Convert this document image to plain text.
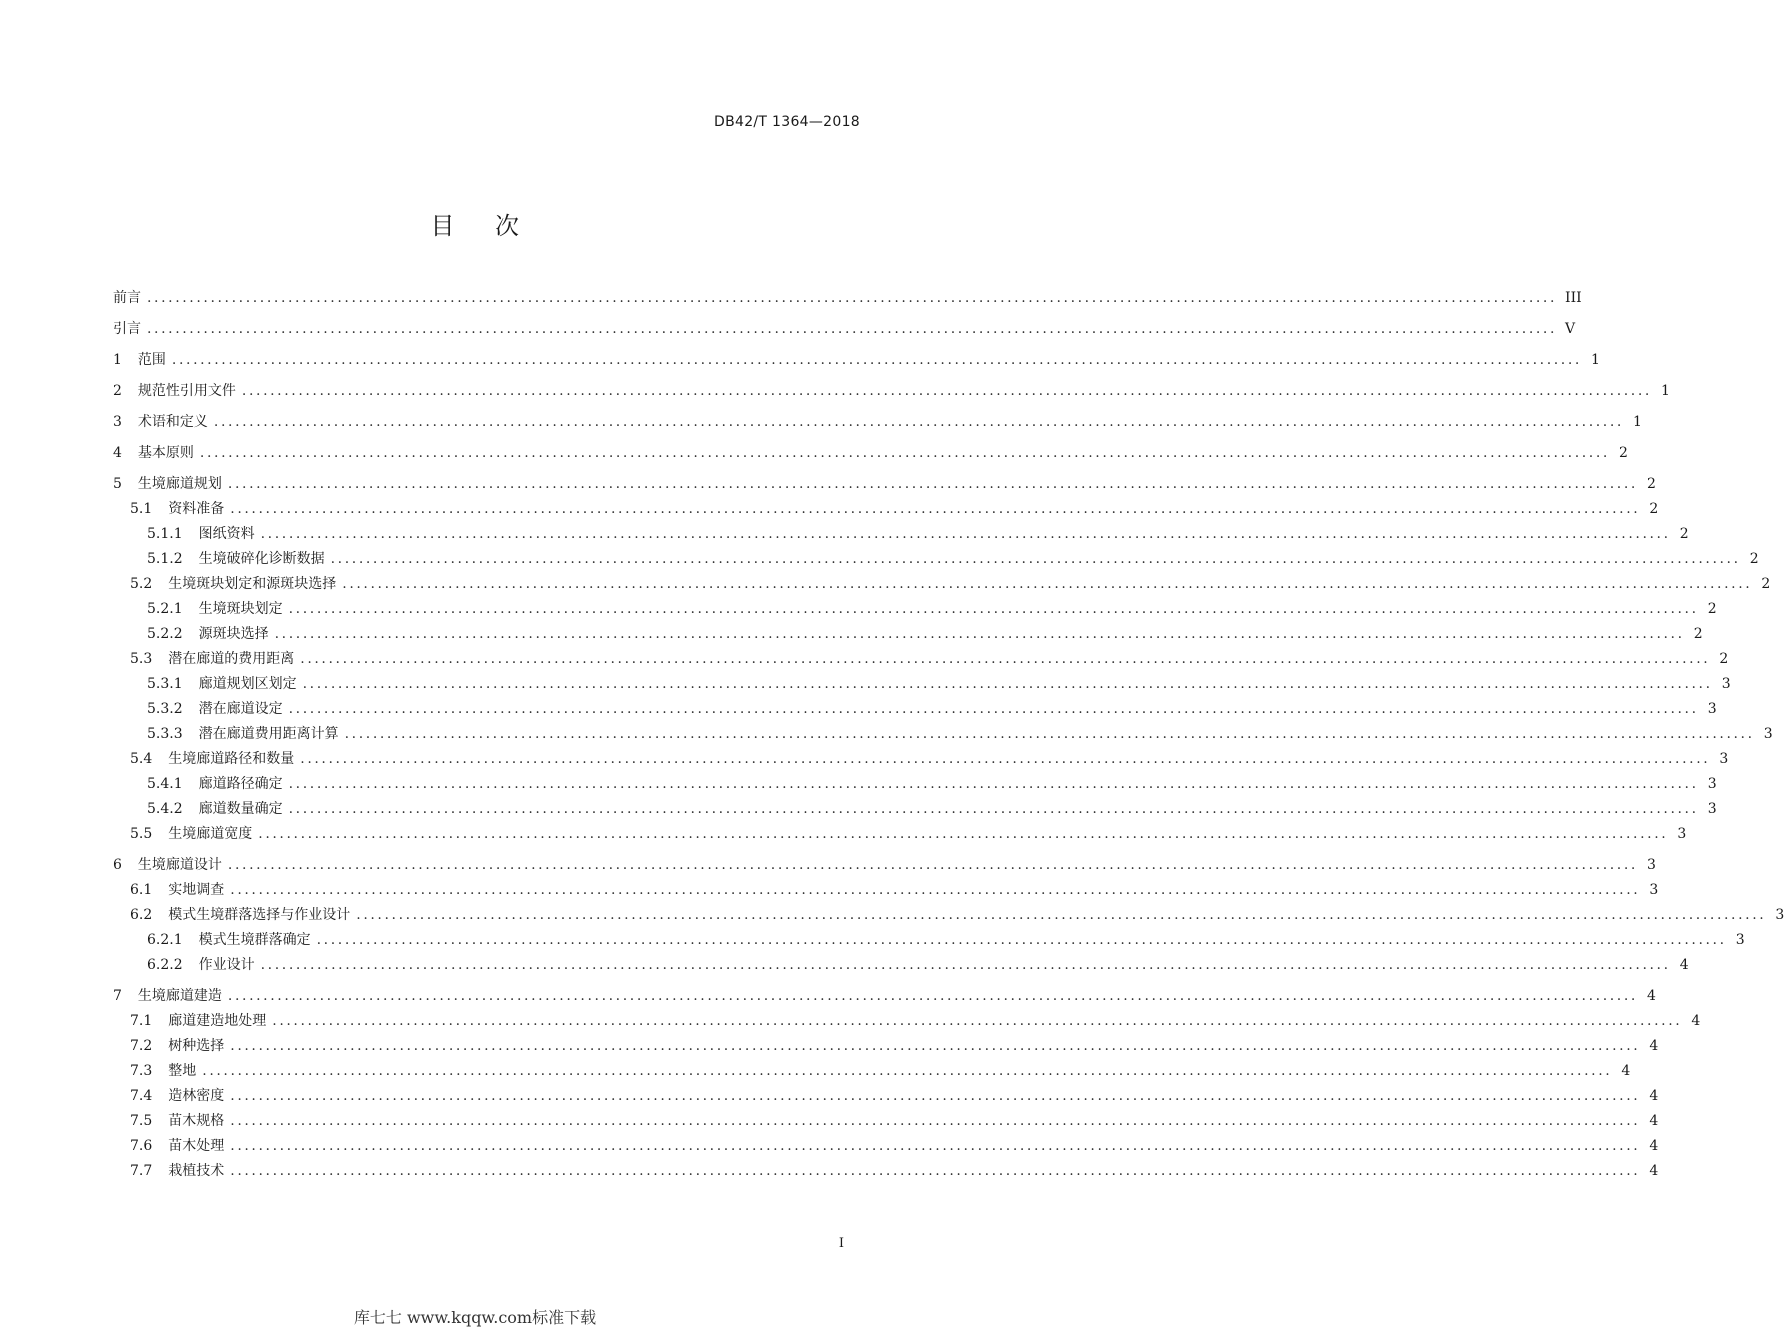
DB42/T 1364—2018
目 次
前言 ........................................................................................................................................................................................................ III
引言 ........................................................................................................................................................................................................ V
1 范围 ........................................................................................................................................................................................................ 1
2 规范性引用文件 ........................................................................................................................................................................................................ 1
3 术语和定义 ........................................................................................................................................................................................................ 1
4 基本原则 ........................................................................................................................................................................................................ 2
5 生境廊道规划 ........................................................................................................................................................................................................ 2
5.1 资料准备 ........................................................................................................................................................................................................ 2
5.1.1 图纸资料 ........................................................................................................................................................................................................ 2
5.1.2 生境破碎化诊断数据 ........................................................................................................................................................................................................ 2
5.2 生境斑块划定和源斑块选择 ........................................................................................................................................................................................................ 2
5.2.1 生境斑块划定 ........................................................................................................................................................................................................ 2
5.2.2 源斑块选择 ........................................................................................................................................................................................................ 2
5.3 潜在廊道的费用距离 ........................................................................................................................................................................................................ 2
5.3.1 廊道规划区划定 ........................................................................................................................................................................................................ 3
5.3.2 潜在廊道设定 ........................................................................................................................................................................................................ 3
5.3.3 潜在廊道费用距离计算 ........................................................................................................................................................................................................ 3
5.4 生境廊道路径和数量 ........................................................................................................................................................................................................ 3
5.4.1 廊道路径确定 ........................................................................................................................................................................................................ 3
5.4.2 廊道数量确定 ........................................................................................................................................................................................................ 3
5.5 生境廊道宽度 ........................................................................................................................................................................................................ 3
6 生境廊道设计 ........................................................................................................................................................................................................ 3
6.1 实地调查 ........................................................................................................................................................................................................ 3
6.2 模式生境群落选择与作业设计 ........................................................................................................................................................................................................ 3
6.2.1 模式生境群落确定 ........................................................................................................................................................................................................ 3
6.2.2 作业设计 ........................................................................................................................................................................................................ 4
7 生境廊道建造 ........................................................................................................................................................................................................ 4
7.1 廊道建造地处理 ........................................................................................................................................................................................................ 4
7.2 树种选择 ........................................................................................................................................................................................................ 4
7.3 整地 ........................................................................................................................................................................................................ 4
7.4 造林密度 ........................................................................................................................................................................................................ 4
7.5 苗木规格 ........................................................................................................................................................................................................ 4
7.6 苗木处理 ........................................................................................................................................................................................................ 4
7.7 栽植技术 ........................................................................................................................................................................................................ 4
I
库七七 www.kqqw.com标准下载
